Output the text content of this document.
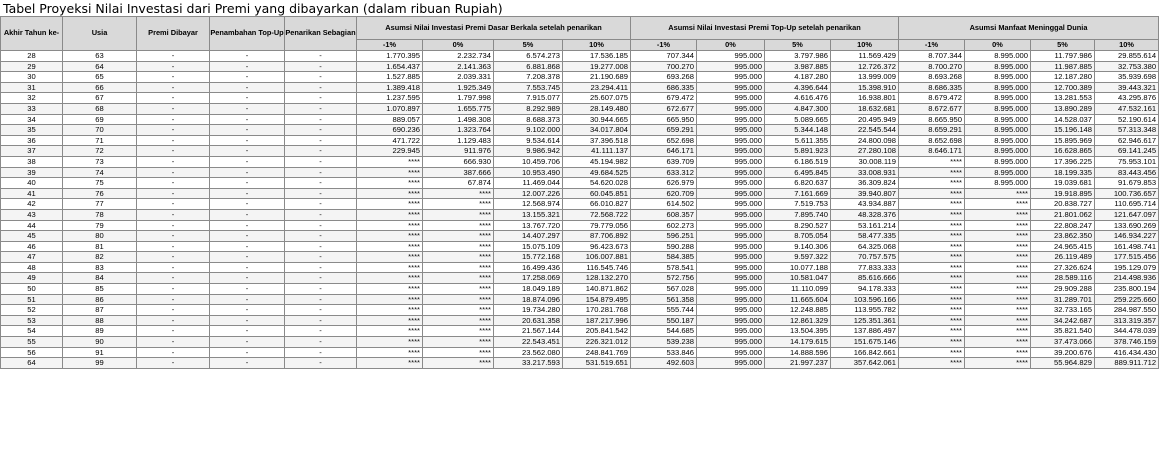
Tabel Proyeksi Nilai Investasi dari Premi yang dibayarkan (dalam ribuan Rupiah)
Akhir Tahun ke-	Usia	Premi Dibayar	Penambahan Top-Up	Penarikan Sebagian	Asumsi Nilai Investasi Premi Dasar Berkala setelah penarikan				Asumsi Nilai Investasi Premi Top-Up setelah penarikan				Asumsi Manfaat Meninggal Dunia			
					-1%	0%	5%	10%	-1%	0%	5%	10%	-1%	0%	5%	10%
28	63	-	-	-	1.770.395	2.232.734	6.574.273	17.536.185	707.344	995.000	3.797.986	11.569.429	8.707.344	8.995.000	11.797.986	29.855.614
29	64	-	-	-	1.654.437	2.141.363	6.881.868	19.277.008	700.270	995.000	3.987.885	12.726.372	8.700.270	8.995.000	11.987.885	32.753.380
30	65	-	-	-	1.527.885	2.039.331	7.208.378	21.190.689	693.268	995.000	4.187.280	13.999.009	8.693.268	8.995.000	12.187.280	35.939.698
31	66	-	-	-	1.389.418	1.925.349	7.553.745	23.294.411	686.335	995.000	4.396.644	15.398.910	8.686.335	8.995.000	12.700.389	39.443.321
32	67	-	-	-	1.237.595	1.797.998	7.915.077	25.607.075	679.472	995.000	4.616.476	16.938.801	8.679.472	8.995.000	13.281.553	43.295.876
33	68	-	-	-	1.070.897	1.655.775	8.292.989	28.149.480	672.677	995.000	4.847.300	18.632.681	8.672.677	8.995.000	13.890.289	47.532.161
34	69	-	-	-	889.057	1.498.308	8.688.373	30.944.665	665.950	995.000	5.089.665	20.495.949	8.665.950	8.995.000	14.528.037	52.190.614
35	70	-	-	-	690.236	1.323.764	9.102.000	34.017.804	659.291	995.000	5.344.148	22.545.544	8.659.291	8.995.000	15.196.148	57.313.348
36	71	-	-	-	471.722	1.129.483	9.534.614	37.396.518	652.698	995.000	5.611.355	24.800.098	8.652.698	8.995.000	15.895.969	62.946.617
37	72	-	-	-	229.945	911.976	9.986.942	41.111.137	646.171	995.000	5.891.923	27.280.108	8.646.171	8.995.000	16.628.865	69.141.245
38	73	-	-	-	****	666.930	10.459.706	45.194.982	639.709	995.000	6.186.519	30.008.119	****	8.995.000	17.396.225	75.953.101
39	74	-	-	-	****	387.666	10.953.490	49.684.525	633.312	995.000	6.495.845	33.008.931	****	8.995.000	18.199.335	83.443.456
40	75	-	-	-	****	67.874	11.469.044	54.620.028	626.979	995.000	6.820.637	36.309.824	****	8.995.000	19.039.681	91.679.853
41	76	-	-	-	****	****	12.007.226	60.045.851	620.709	995.000	7.161.669	39.940.807	****	****	19.918.895	100.736.657
42	77	-	-	-	****	****	12.568.974	66.010.827	614.502	995.000	7.519.753	43.934.887	****	****	20.838.727	110.695.714
43	78	-	-	-	****	****	13.155.321	72.568.722	608.357	995.000	7.895.740	48.328.376	****	****	21.801.062	121.647.097
44	79	-	-	-	****	****	13.767.720	79.779.056	602.273	995.000	8.290.527	53.161.214	****	****	22.808.247	133.690.269
45	80	-	-	-	****	****	14.407.297	87.706.892	596.251	995.000	8.705.054	58.477.335	****	****	23.862.350	146.934.227
46	81	-	-	-	****	****	15.075.109	96.423.673	590.288	995.000	9.140.306	64.325.068	****	****	24.965.415	161.498.741
47	82	-	-	-	****	****	15.772.168	106.007.881	584.385	995.000	9.597.322	70.757.575	****	****	26.119.489	177.515.456
48	83	-	-	-	****	****	16.499.436	116.545.746	578.541	995.000	10.077.188	77.833.333	****	****	27.326.624	195.129.079
49	84	-	-	-	****	****	17.258.069	128.132.270	572.756	995.000	10.581.047	85.616.666	****	****	28.589.116	214.498.936
50	85	-	-	-	****	****	18.049.189	140.871.862	567.028	995.000	11.110.099	94.178.333	****	****	29.909.288	235.800.194
51	86	-	-	-	****	****	18.874.096	154.879.495	561.358	995.000	11.665.604	103.596.166	****	****	31.289.701	259.225.660
52	87	-	-	-	****	****	19.734.280	170.281.768	555.744	995.000	12.248.885	113.955.782	****	****	32.733.165	284.987.550
53	88	-	-	-	****	****	20.631.358	187.217.996	550.187	995.000	12.861.329	125.351.361	****	****	34.242.687	313.319.357
54	89	-	-	-	****	****	21.567.144	205.841.542	544.685	995.000	13.504.395	137.886.497	****	****	35.821.540	344.478.039
55	90	-	-	-	****	****	22.543.451	226.321.012	539.238	995.000	14.179.615	151.675.146	****	****	37.473.066	378.746.159
56	91	-	-	-	****	****	23.562.080	248.841.769	533.846	995.000	14.888.596	166.842.661	****	****	39.200.676	416.434.430
64	99	-	-	-	****	****	33.217.593	531.519.651	492.603	995.000	21.997.237	357.642.061	****	****	55.964.829	889.911.712
